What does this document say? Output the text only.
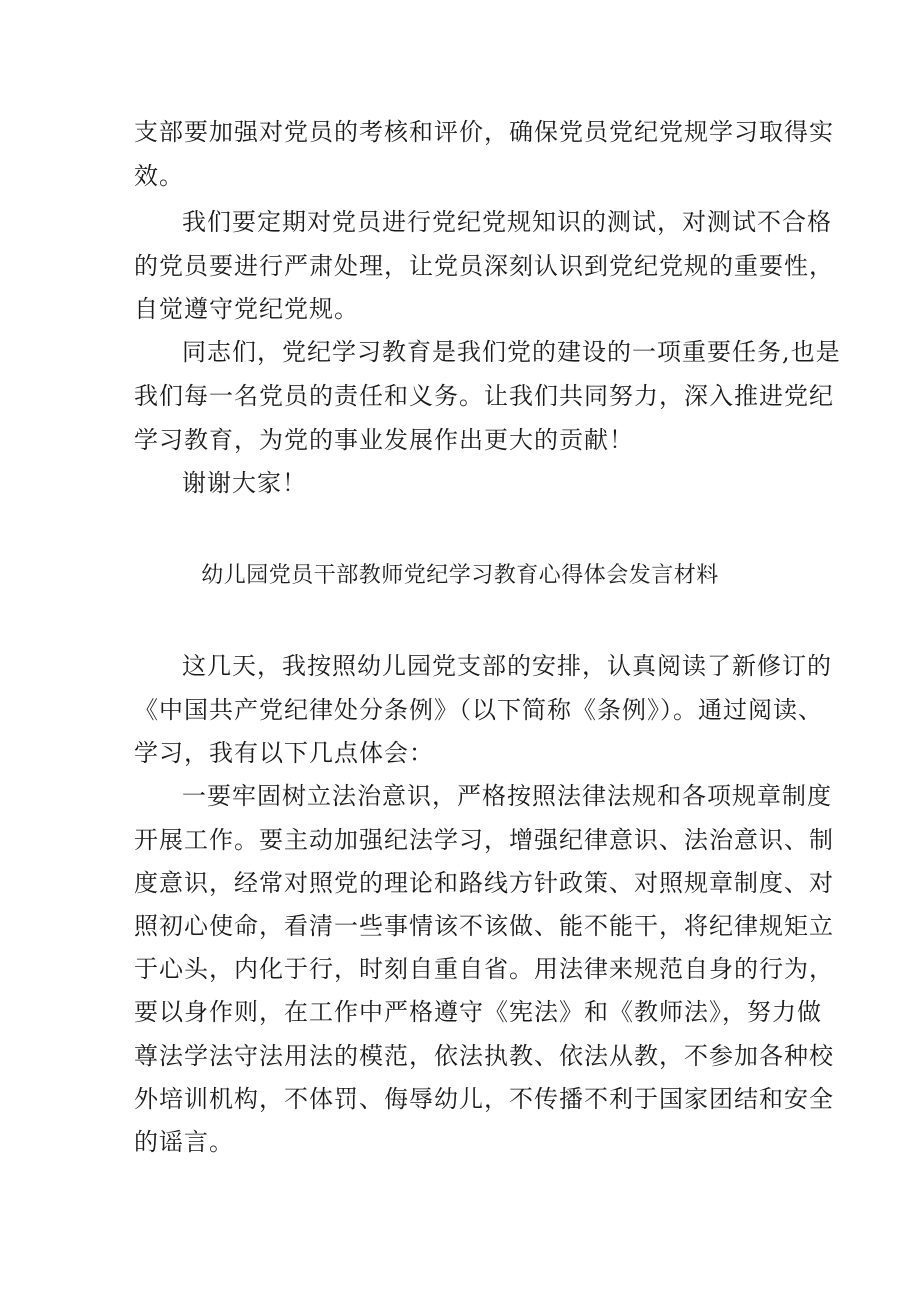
支部要加强对党员的考核和评价，确保党员党纪党规学习取得实
效。
我们要定期对党员进行党纪党规知识的测试，对测试不合格
的党员要进行严肃处理，让党员深刻认识到党纪党规的重要性，
自觉遵守党纪党规。
同志们，党纪学习教育是我们党的建设的一项重要任务,也是
我们每一名党员的责任和义务。让我们共同努力，深入推进党纪
学习教育，为党的事业发展作出更大的贡献！
谢谢大家！
幼儿园党员干部教师党纪学习教育心得体会发言材料
这几天，我按照幼儿园党支部的安排，认真阅读了新修订的
《中国共产党纪律处分条例》（以下简称《条例》）。通过阅读、
学习，我有以下几点体会：
一要牢固树立法治意识，严格按照法律法规和各项规章制度
开展工作。要主动加强纪法学习，增强纪律意识、法治意识、制
度意识，经常对照党的理论和路线方针政策、对照规章制度、对
照初心使命，看清一些事情该不该做、能不能干，将纪律规矩立
于心头，内化于行，时刻自重自省。用法律来规范自身的行为，
要以身作则，在工作中严格遵守《宪法》和《教师法》，努力做
尊法学法守法用法的模范，依法执教、依法从教，不参加各种校
外培训机构，不体罚、侮辱幼儿，不传播不利于国家团结和安全
的谣言。
